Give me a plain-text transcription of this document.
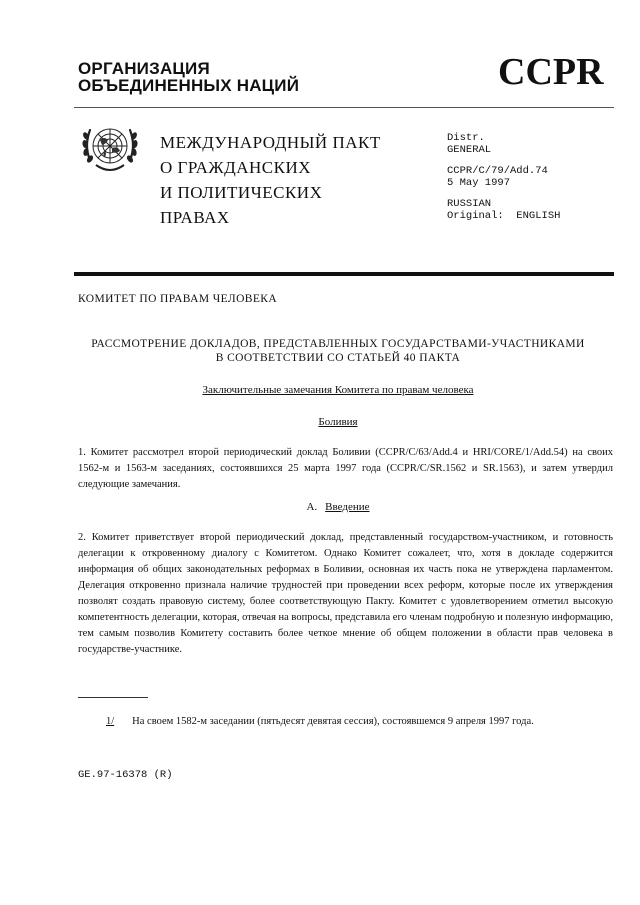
ОРГАНИЗАЦИЯ
ОБЪЕДИНЕННЫХ НАЦИЙ	CCPR
МЕЖДУНАРОДНЫЙ ПАКТ
О ГРАЖДАНСКИХ
И ПОЛИТИЧЕСКИХ
ПРАВАХ
Distr.
GENERAL
CCPR/C/79/Add.74
5 May 1997
RUSSIAN
Original:  ENGLISH
КОМИТЕТ ПО ПРАВАМ ЧЕЛОВЕКА
РАССМОТРЕНИЕ ДОКЛАДОВ, ПРЕДСТАВЛЕННЫХ ГОСУДАРСТВАМИ-УЧАСТНИКАМИ
В СООТВЕТСТВИИ СО СТАТЬЕЙ 40 ПАКТА
Заключительные замечания Комитета по правам человека
Боливия

1. Комитет рассмотрел второй периодический доклад Боливии (CCPR/C/63/Add.4 и HRI/CORE/1/Add.54) на своих 1562-м и 1563-м заседаниях, состоявшихся 25 марта 1997 года (CCPR/C/SR.1562 и SR.1563), и затем утвердил следующие замечания.

А. Введение

2. Комитет приветствует второй периодический доклад, представленный государством-участником, и готовность делегации к откровенному диалогу с Комитетом. Однако Комитет сожалеет, что, хотя в докладе содержится информация об общих законодательных реформах в Боливии, основная их часть пока не утверждена парламентом. Делегация откровенно признала наличие трудностей при проведении всех реформ, которые после их утверждения позволят создать правовую систему, более соответствующую Пакту. Комитет с удовлетворением отметил высокую компетентность делегации, которая, отвечая на вопросы, представила его членам подробную и полезную информацию, тем самым позволив Комитету составить более четкое мнение об общем положении в области прав человека в государстве-участнике.

1/ На своем 1582-м заседании (пятьдесят девятая сессия), состоявшемся 9 апреля 1997 года.
GE.97-16378 (R)
